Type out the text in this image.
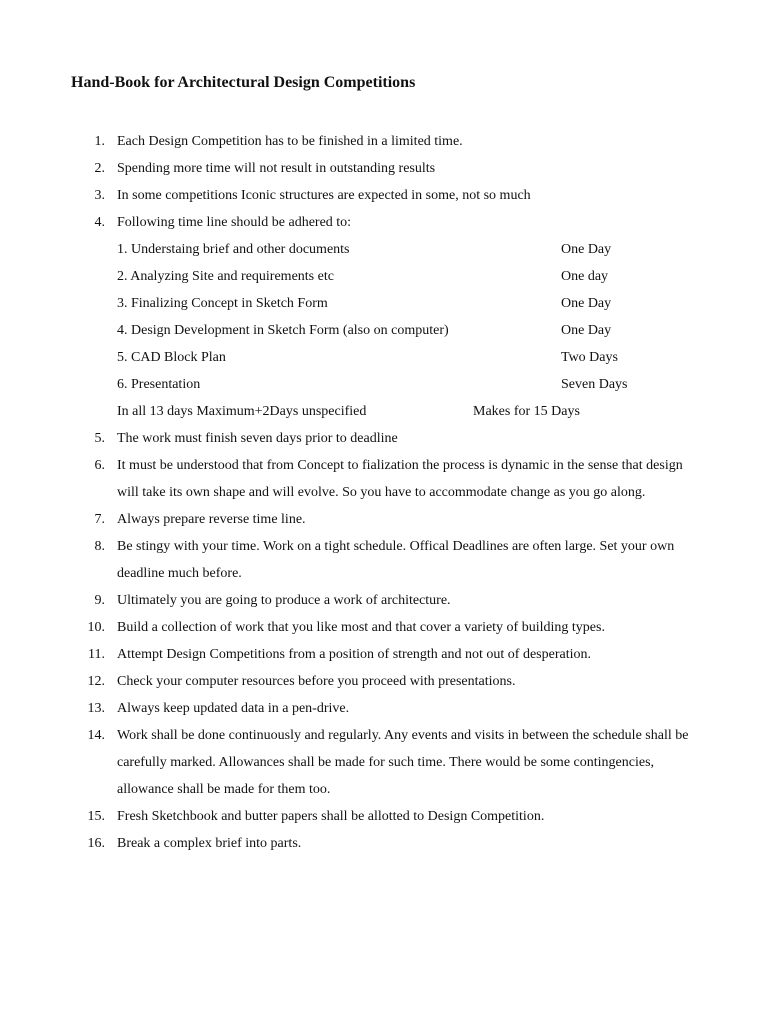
Hand-Book for Architectural Design Competitions
1. Each Design Competition has to be finished in a limited time.
2. Spending more time will not result in outstanding results
3. In some competitions Iconic structures are expected in some, not so much
4. Following time line should be adhered to:
1. Understaing brief and other documents	One Day
2. Analyzing Site and requirements etc	One day
3. Finalizing Concept in Sketch Form	One Day
4. Design Development in Sketch Form (also on computer)	One Day
5. CAD Block Plan	Two Days
6. Presentation	Seven Days
In all 13 days Maximum+2Days unspecified	Makes for 15 Days
5. The work must finish seven days prior to deadline
6. It must be understood that from Concept to fialization the process is dynamic in the sense that design will take its own shape and will evolve. So you have to accommodate change as you go along.
7. Always prepare reverse time line.
8. Be stingy with your time. Work on a tight schedule. Offical Deadlines are often large. Set your own deadline much before.
9. Ultimately you are going to produce a work of architecture.
10. Build a collection of work that you like most and that cover a variety of building types.
11. Attempt Design Competitions from a position of strength and not out of desperation.
12. Check your computer resources before you proceed with presentations.
13. Always keep updated data in a pen-drive.
14. Work shall be done continuously and regularly. Any events and visits in between the schedule shall be carefully marked. Allowances shall be made for such time. There would be some contingencies, allowance shall be made for them too.
15. Fresh Sketchbook and butter papers shall be allotted to Design Competition.
16. Break a complex brief into parts.
